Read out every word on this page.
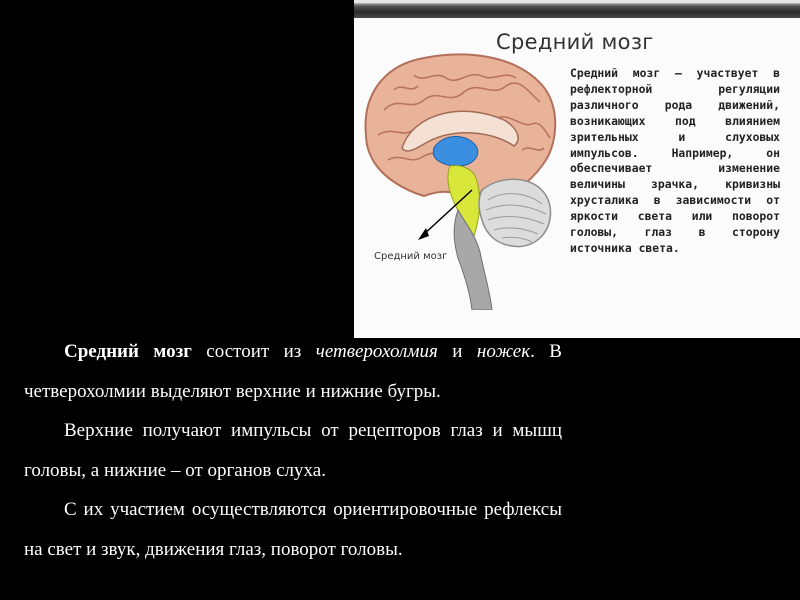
Средний мозг
Средний мозг

Средний мозг – участвует в рефлекторной регуляции различного рода движений, возникающих под влиянием зрительных и слуховых импульсов. Например, он обеспечивает изменение величины зрачка, кривизны хрусталика в зависимости от яркости света или поворот головы, глаз в сторону источника света.

Средний мозг состоит из четверохолмия и ножек. В четверохолмии выделяют верхние и нижние бугры.

Верхние получают импульсы от рецепторов глаз и мышц головы, а нижние – от органов слуха.

С их участием осуществляются ориентировочные рефлексы на свет и звук, движения глаз, поворот головы.
